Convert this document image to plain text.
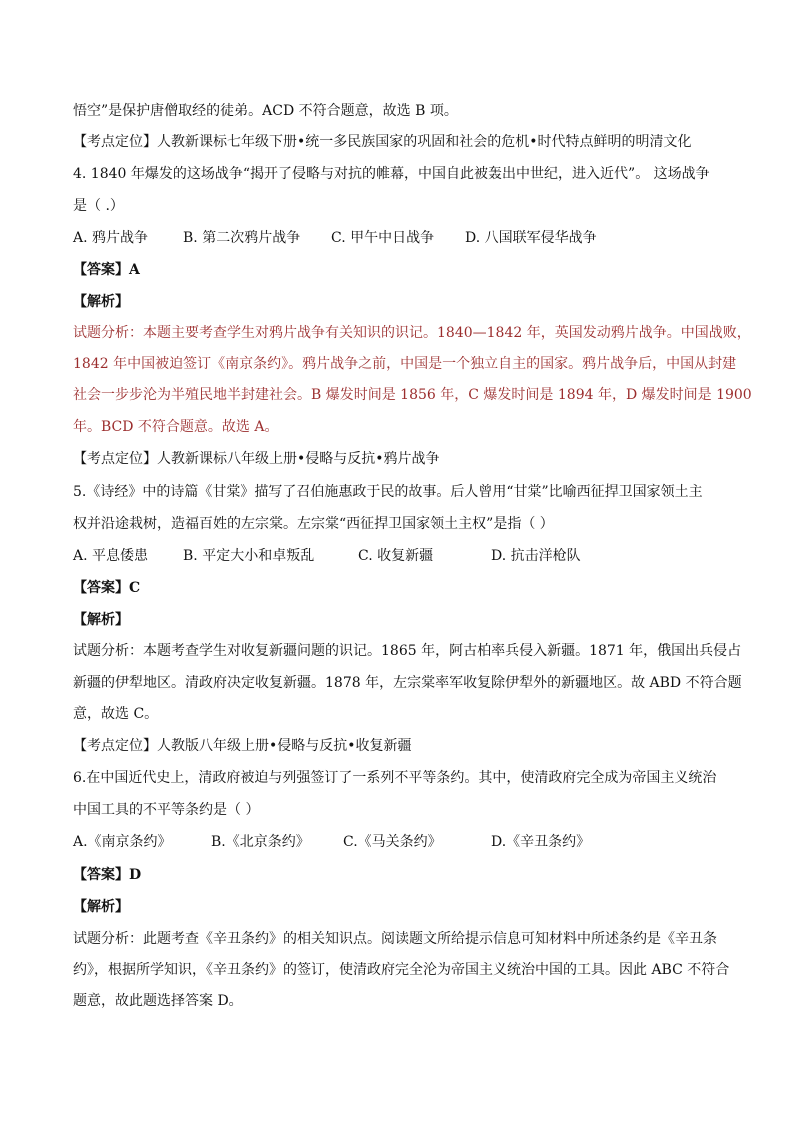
悟空”是保护唐僧取经的徒弟。ACD 不符合题意，故选 B 项。
【考点定位】人教新课标七年级下册•统一多民族国家的巩固和社会的危机•时代特点鲜明的明清文化
4. 1840 年爆发的这场战争“揭开了侵略与对抗的帷幕，中国自此被轰出中世纪，进入近代”。 这场战争
是（ .）
A. 鸦片战争 B. 第二次鸦片战争 C. 甲午中日战争 D. 八国联军侵华战争
【答案】A
【解析】
试题分析：本题主要考查学生对鸦片战争有关知识的识记。1840—1842 年，英国发动鸦片战争。中国战败，
1842 年中国被迫签订《南京条约》。鸦片战争之前，中国是一个独立自主的国家。鸦片战争后，中国从封建
社会一步步沦为半殖民地半封建社会。B 爆发时间是 1856 年，C 爆发时间是 1894 年，D 爆发时间是 1900
年。BCD 不符合题意。故选 A。
【考点定位】人教新课标八年级上册•侵略与反抗•鸦片战争
5.《诗经》中的诗篇《甘棠》描写了召伯施惠政于民的故事。后人曾用“甘棠”比喻西征捍卫国家领土主
权并沿途栽树，造福百姓的左宗棠。左宗棠“西征捍卫国家领土主权”是指（ ）
A. 平息倭患 B. 平定大小和卓叛乱	C. 收复新疆	D. 抗击洋枪队
【答案】C
【解析】
试题分析：本题考查学生对收复新疆问题的识记。1865 年，阿古柏率兵侵入新疆。1871 年，俄国出兵侵占
新疆的伊犁地区。清政府决定收复新疆。1878 年，左宗棠率军收复除伊犁外的新疆地区。故 ABD 不符合题
意，故选 C。
【考点定位】人教版八年级上册•侵略与反抗•收复新疆
6.在中国近代史上，清政府被迫与列强签订了一系列不平等条约。其中，使清政府完全成为帝国主义统治
中国工具的不平等条约是（ ）
A.《南京条约》	B.《北京条约》 C.《马关条约》	D.《辛丑条约》
【答案】D
【解析】
试题分析：此题考查《辛丑条约》的相关知识点。阅读题文所给提示信息可知材料中所述条约是《辛丑条
约》，根据所学知识，《辛丑条约》的签订，使清政府完全沦为帝国主义统治中国的工具。因此 ABC 不符合
题意，故此题选择答案 D。
